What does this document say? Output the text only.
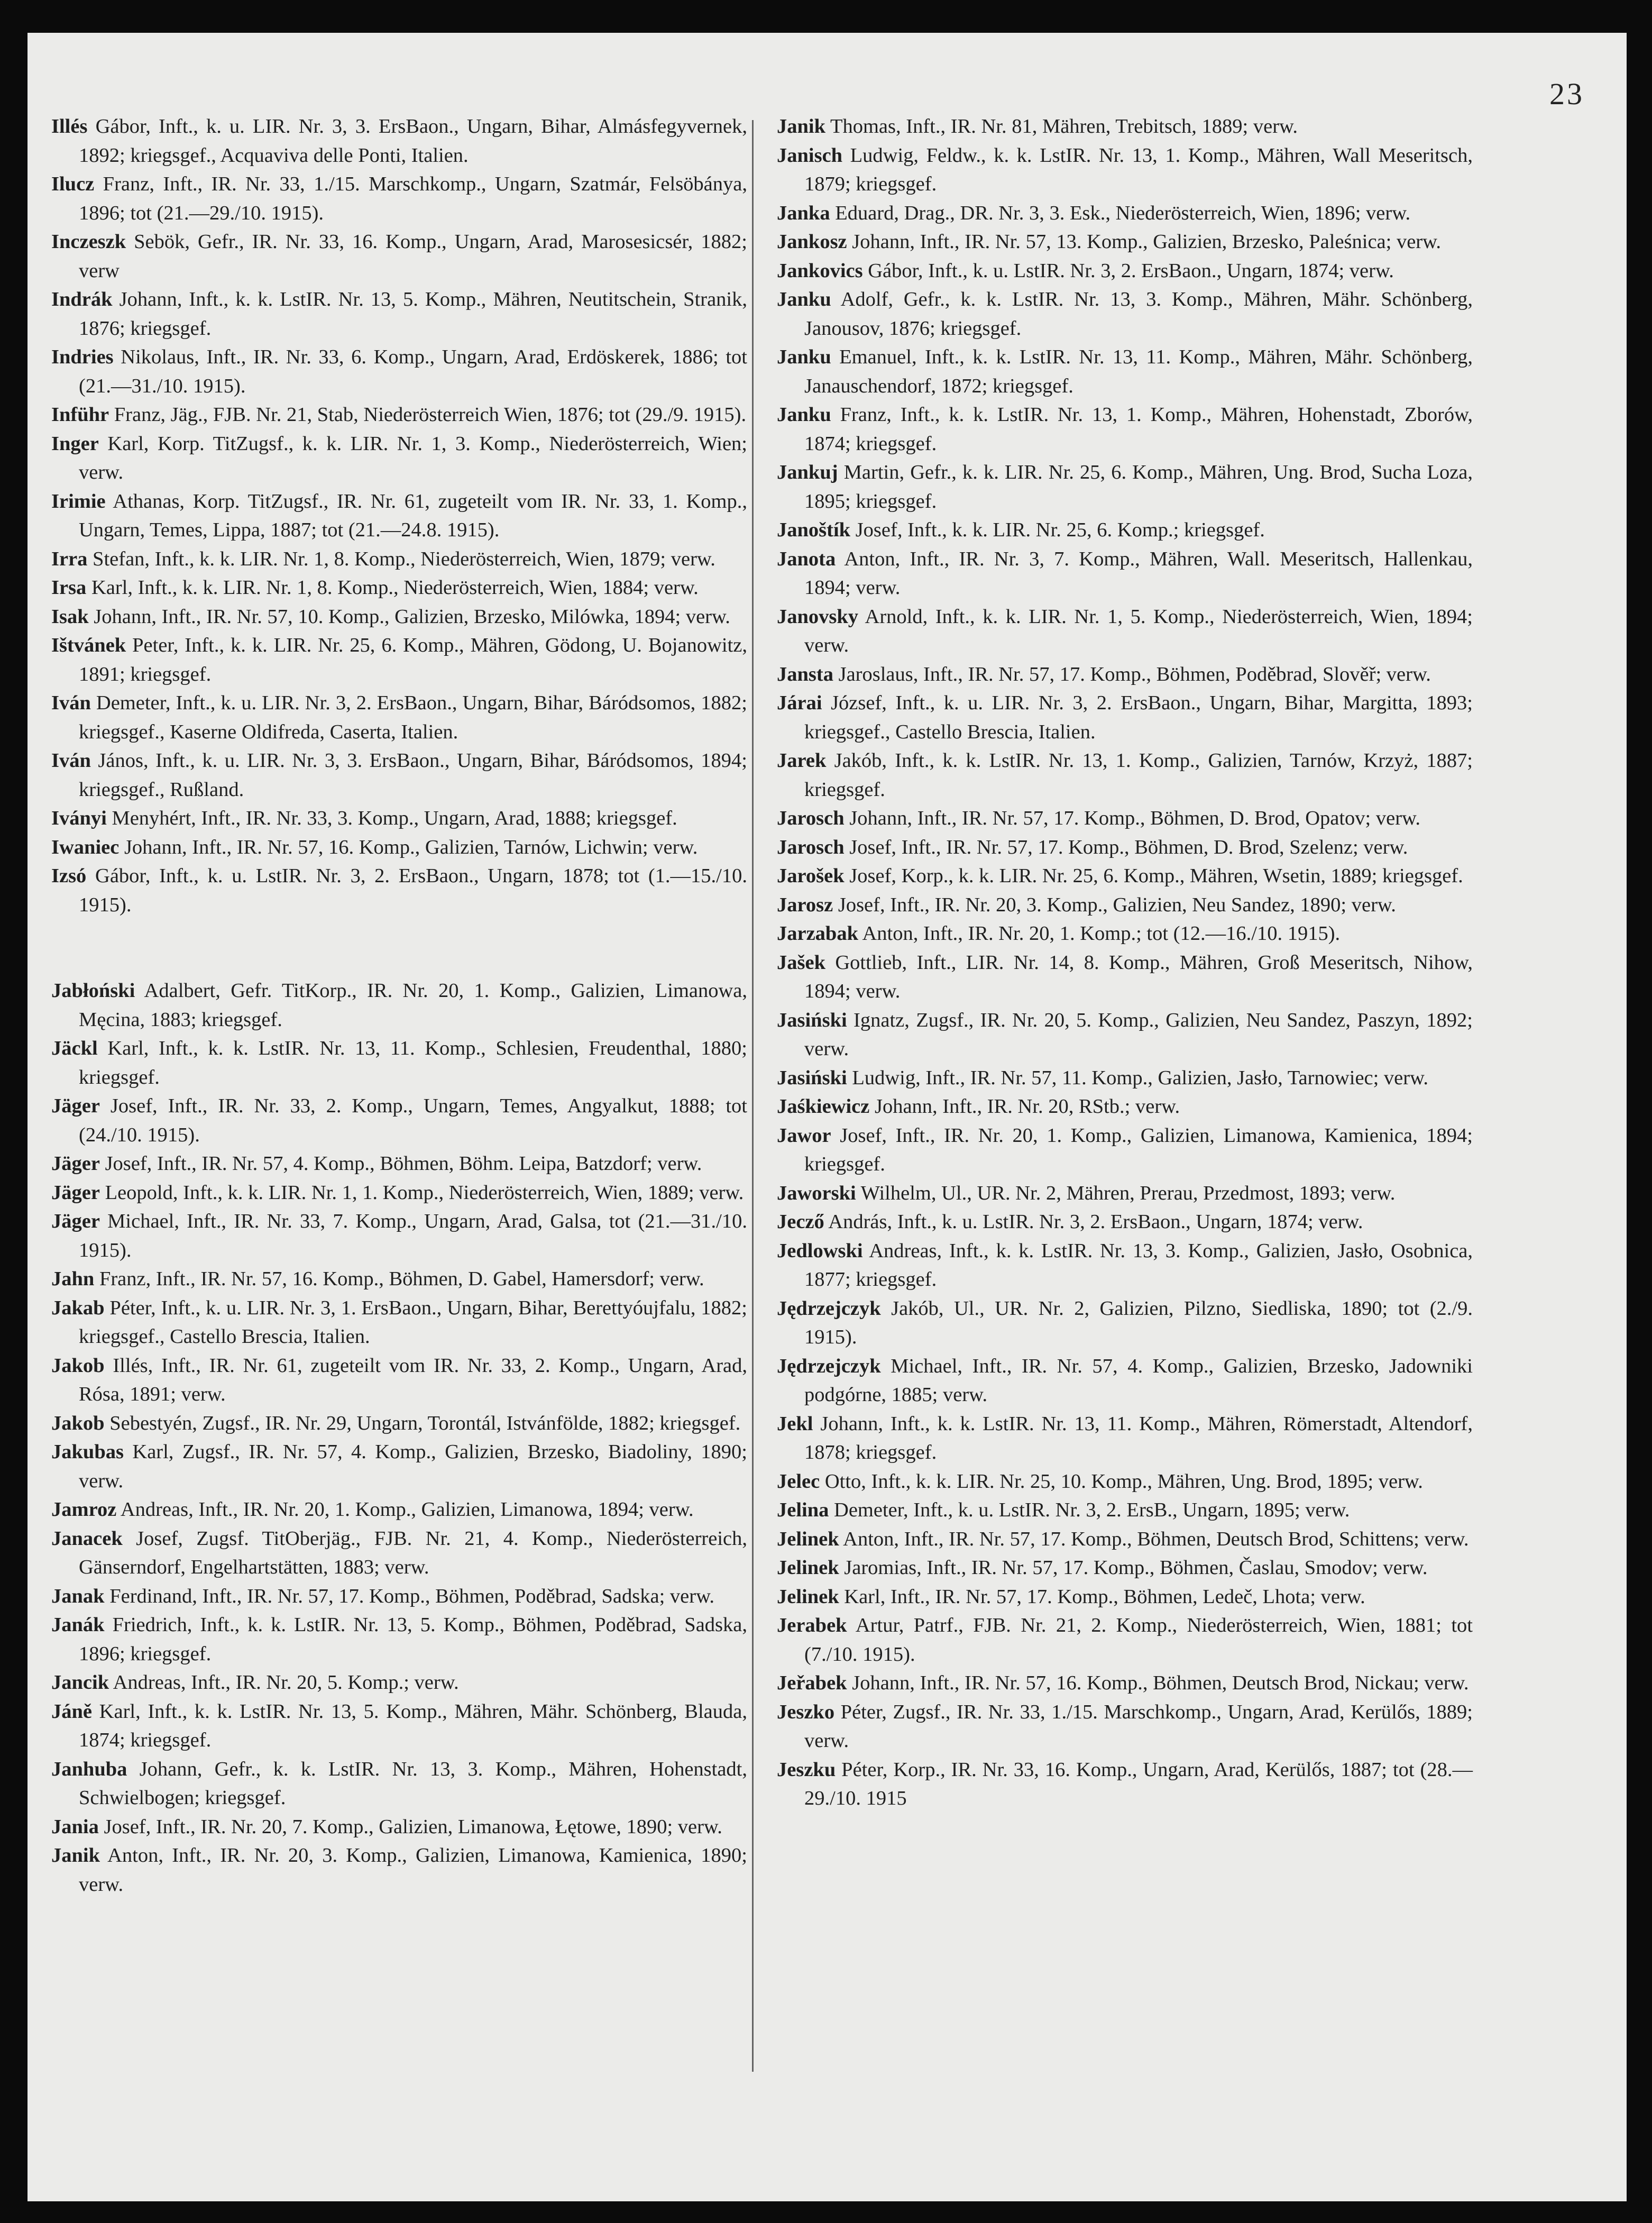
23

Illés Gábor, Inft., k. u. LIR. Nr. 3, 3. ErsBaon., Ungarn, Bihar, Almásfegyvernek, 1892; kriegsgef., Acquaviva delle Ponti, Italien.

Ilucz Franz, Inft., IR. Nr. 33, 1./15. Marschkomp., Ungarn, Szatmár, Felsöbánya, 1896; tot (21.—29./10. 1915).

Inczeszk Sebök, Gefr., IR. Nr. 33, 16. Komp., Ungarn, Arad, Marosesicsér, 1882; verw

Indrák Johann, Inft., k. k. LstIR. Nr. 13, 5. Komp., Mähren, Neutitschein, Stranik, 1876; kriegsgef.

Indries Nikolaus, Inft., IR. Nr. 33, 6. Komp., Ungarn, Arad, Erdöskerek, 1886; tot (21.—31./10. 1915).

Inführ Franz, Jäg., FJB. Nr. 21, Stab, Niederösterreich Wien, 1876; tot (29./9. 1915).

Inger Karl, Korp. TitZugsf., k. k. LIR. Nr. 1, 3. Komp., Niederösterreich, Wien; verw.

Irimie Athanas, Korp. TitZugsf., IR. Nr. 61, zugeteilt vom IR. Nr. 33, 1. Komp., Ungarn, Temes, Lippa, 1887; tot (21.—24.8. 1915).

Irra Stefan, Inft., k. k. LIR. Nr. 1, 8. Komp., Niederösterreich, Wien, 1879; verw.

Irsa Karl, Inft., k. k. LIR. Nr. 1, 8. Komp., Niederösterreich, Wien, 1884; verw.

Isak Johann, Inft., IR. Nr. 57, 10. Komp., Galizien, Brzesko, Milówka, 1894; verw.

Ištvánek Peter, Inft., k. k. LIR. Nr. 25, 6. Komp., Mähren, Gödong, U. Bojanowitz, 1891; kriegsgef.

Iván Demeter, Inft., k. u. LIR. Nr. 3, 2. ErsBaon., Ungarn, Bihar, Báródsomos, 1882; kriegsgef., Kaserne Oldifreda, Caserta, Italien.

Iván János, Inft., k. u. LIR. Nr. 3, 3. ErsBaon., Ungarn, Bihar, Báródsomos, 1894; kriegsgef., Rußland.

Iványi Menyhért, Inft., IR. Nr. 33, 3. Komp., Ungarn, Arad, 1888; kriegsgef.

Iwaniec Johann, Inft., IR. Nr. 57, 16. Komp., Galizien, Tarnów, Lichwin; verw.

Izsó Gábor, Inft., k. u. LstIR. Nr. 3, 2. ErsBaon., Ungarn, 1878; tot (1.—15./10. 1915).

Jabłoński Adalbert, Gefr. TitKorp., IR. Nr. 20, 1. Komp., Galizien, Limanowa, Męcina, 1883; kriegsgef.

Jäckl Karl, Inft., k. k. LstIR. Nr. 13, 11. Komp., Schlesien, Freudenthal, 1880; kriegsgef.

Jäger Josef, Inft., IR. Nr. 33, 2. Komp., Ungarn, Temes, Angyalkut, 1888; tot (24./10. 1915).

Jäger Josef, Inft., IR. Nr. 57, 4. Komp., Böhmen, Böhm. Leipa, Batzdorf; verw.

Jäger Leopold, Inft., k. k. LIR. Nr. 1, 1. Komp., Niederösterreich, Wien, 1889; verw.

Jäger Michael, Inft., IR. Nr. 33, 7. Komp., Ungarn, Arad, Galsa, tot (21.—31./10. 1915).

Jahn Franz, Inft., IR. Nr. 57, 16. Komp., Böhmen, D. Gabel, Hamersdorf; verw.

Jakab Péter, Inft., k. u. LIR. Nr. 3, 1. ErsBaon., Ungarn, Bihar, Berettyóujfalu, 1882; kriegsgef., Castello Brescia, Italien.

Jakob Illés, Inft., IR. Nr. 61, zugeteilt vom IR. Nr. 33, 2. Komp., Ungarn, Arad, Rósa, 1891; verw.

Jakob Sebestyén, Zugsf., IR. Nr. 29, Ungarn, Torontál, Istvánfölde, 1882; kriegsgef.

Jakubas Karl, Zugsf., IR. Nr. 57, 4. Komp., Galizien, Brzesko, Biadoliny, 1890; verw.

Jamroz Andreas, Inft., IR. Nr. 20, 1. Komp., Galizien, Limanowa, 1894; verw.

Janacek Josef, Zugsf. TitOberjäg., FJB. Nr. 21, 4. Komp., Niederösterreich, Gänserndorf, Engelhartstätten, 1883; verw.

Janak Ferdinand, Inft., IR. Nr. 57, 17. Komp., Böhmen, Poděbrad, Sadska; verw.

Janák Friedrich, Inft., k. k. LstIR. Nr. 13, 5. Komp., Böhmen, Poděbrad, Sadska, 1896; kriegsgef.

Jancik Andreas, Inft., IR. Nr. 20, 5. Komp.; verw.

Jáně Karl, Inft., k. k. LstIR. Nr. 13, 5. Komp., Mähren, Mähr. Schönberg, Blauda, 1874; kriegsgef.

Janhuba Johann, Gefr., k. k. LstIR. Nr. 13, 3. Komp., Mähren, Hohenstadt, Schwielbogen; kriegsgef.

Jania Josef, Inft., IR. Nr. 20, 7. Komp., Galizien, Limanowa, Łętowe, 1890; verw.

Janik Anton, Inft., IR. Nr. 20, 3. Komp., Galizien, Limanowa, Kamienica, 1890; verw.

Janik Thomas, Inft., IR. Nr. 81, Mähren, Trebitsch, 1889; verw.

Janisch Ludwig, Feldw., k. k. LstIR. Nr. 13, 1. Komp., Mähren, Wall Meseritsch, 1879; kriegsgef.

Janka Eduard, Drag., DR. Nr. 3, 3. Esk., Niederösterreich, Wien, 1896; verw.

Jankosz Johann, Inft., IR. Nr. 57, 13. Komp., Galizien, Brzesko, Paleśnica; verw.

Jankovics Gábor, Inft., k. u. LstIR. Nr. 3, 2. ErsBaon., Ungarn, 1874; verw.

Janku Adolf, Gefr., k. k. LstIR. Nr. 13, 3. Komp., Mähren, Mähr. Schönberg, Janousov, 1876; kriegsgef.

Janku Emanuel, Inft., k. k. LstIR. Nr. 13, 11. Komp., Mähren, Mähr. Schönberg, Janauschendorf, 1872; kriegsgef.

Janku Franz, Inft., k. k. LstIR. Nr. 13, 1. Komp., Mähren, Hohenstadt, Zborów, 1874; kriegsgef.

Jankuj Martin, Gefr., k. k. LIR. Nr. 25, 6. Komp., Mähren, Ung. Brod, Sucha Loza, 1895; kriegsgef.

Janoštík Josef, Inft., k. k. LIR. Nr. 25, 6. Komp.; kriegsgef.

Janota Anton, Inft., IR. Nr. 3, 7. Komp., Mähren, Wall. Meseritsch, Hallenkau, 1894; verw.

Janovsky Arnold, Inft., k. k. LIR. Nr. 1, 5. Komp., Niederösterreich, Wien, 1894; verw.

Jansta Jaroslaus, Inft., IR. Nr. 57, 17. Komp., Böhmen, Poděbrad, Slověř; verw.

Járai József, Inft., k. u. LIR. Nr. 3, 2. ErsBaon., Ungarn, Bihar, Margitta, 1893; kriegsgef., Castello Brescia, Italien.

Jarek Jakób, Inft., k. k. LstIR. Nr. 13, 1. Komp., Galizien, Tarnów, Krzyż, 1887; kriegsgef.

Jarosch Johann, Inft., IR. Nr. 57, 17. Komp., Böhmen, D. Brod, Opatov; verw.

Jarosch Josef, Inft., IR. Nr. 57, 17. Komp., Böhmen, D. Brod, Szelenz; verw.

Jarošek Josef, Korp., k. k. LIR. Nr. 25, 6. Komp., Mähren, Wsetin, 1889; kriegsgef.

Jarosz Josef, Inft., IR. Nr. 20, 3. Komp., Galizien, Neu Sandez, 1890; verw.

Jarzabak Anton, Inft., IR. Nr. 20, 1. Komp.; tot (12.—16./10. 1915).

Jašek Gottlieb, Inft., LIR. Nr. 14, 8. Komp., Mähren, Groß Meseritsch, Nihow, 1894; verw.

Jasiński Ignatz, Zugsf., IR. Nr. 20, 5. Komp., Galizien, Neu Sandez, Paszyn, 1892; verw.

Jasiński Ludwig, Inft., IR. Nr. 57, 11. Komp., Galizien, Jasło, Tarnowiec; verw.

Jaśkiewicz Johann, Inft., IR. Nr. 20, RStb.; verw.

Jawor Josef, Inft., IR. Nr. 20, 1. Komp., Galizien, Limanowa, Kamienica, 1894; kriegsgef.

Jaworski Wilhelm, Ul., UR. Nr. 2, Mähren, Prerau, Przedmost, 1893; verw.

Jecző András, Inft., k. u. LstIR. Nr. 3, 2. ErsBaon., Ungarn, 1874; verw.

Jedlowski Andreas, Inft., k. k. LstIR. Nr. 13, 3. Komp., Galizien, Jasło, Osobnica, 1877; kriegsgef.

Jędrzejczyk Jakób, Ul., UR. Nr. 2, Galizien, Pilzno, Siedliska, 1890; tot (2./9. 1915).

Jędrzejczyk Michael, Inft., IR. Nr. 57, 4. Komp., Galizien, Brzesko, Jadowniki podgórne, 1885; verw.

Jekl Johann, Inft., k. k. LstIR. Nr. 13, 11. Komp., Mähren, Römerstadt, Altendorf, 1878; kriegsgef.

Jelec Otto, Inft., k. k. LIR. Nr. 25, 10. Komp., Mähren, Ung. Brod, 1895; verw.

Jelina Demeter, Inft., k. u. LstIR. Nr. 3, 2. ErsB., Ungarn, 1895; verw.

Jelinek Anton, Inft., IR. Nr. 57, 17. Komp., Böhmen, Deutsch Brod, Schittens; verw.

Jelinek Jaromias, Inft., IR. Nr. 57, 17. Komp., Böhmen, Časlau, Smodov; verw.

Jelinek Karl, Inft., IR. Nr. 57, 17. Komp., Böhmen, Ledeč, Lhota; verw.

Jerabek Artur, Patrf., FJB. Nr. 21, 2. Komp., Niederösterreich, Wien, 1881; tot (7./10. 1915).

Jeřabek Johann, Inft., IR. Nr. 57, 16. Komp., Böhmen, Deutsch Brod, Nickau; verw.

Jeszko Péter, Zugsf., IR. Nr. 33, 1./15. Marschkomp., Ungarn, Arad, Kerülős, 1889; verw.

Jeszku Péter, Korp., IR. Nr. 33, 16. Komp., Ungarn, Arad, Kerülős, 1887; tot (28.—29./10. 1915
